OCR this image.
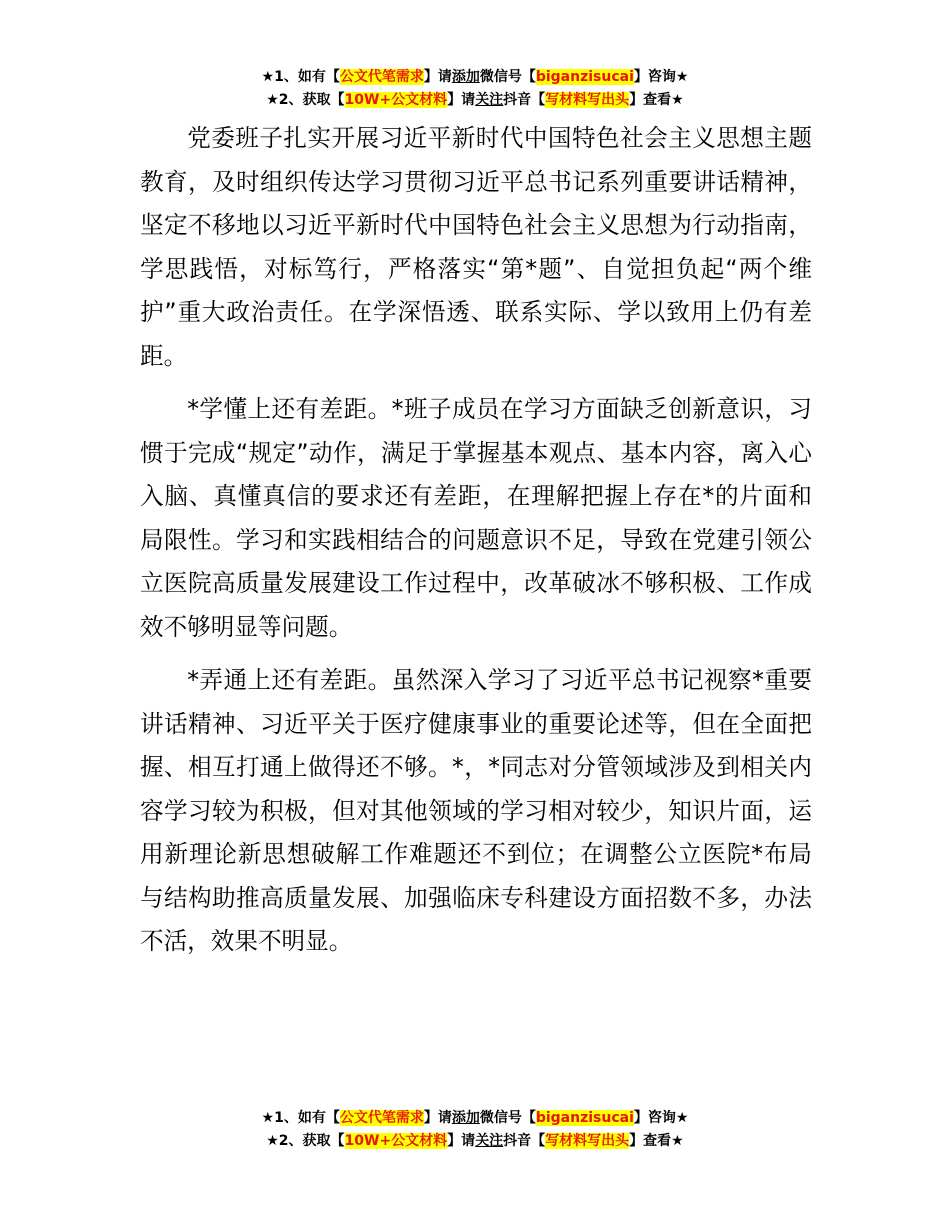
★1、如有【公文代笔需求】请添加微信号【biganzisucai】咨询★
★2、获取【10W+公文材料】请关注抖音【写材料写出头】查看★

党委班子扎实开展习近平新时代中国特色社会主义思想主题教育，及时组织传达学习贯彻习近平总书记系列重要讲话精神，坚定不移地以习近平新时代中国特色社会主义思想为行动指南，学思践悟，对标笃行，严格落实“第*题”、自觉担负起“两个维护”重大政治责任。在学深悟透、联系实际、学以致用上仍有差距。

*学懂上还有差距。*班子成员在学习方面缺乏创新意识，习惯于完成“规定”动作，满足于掌握基本观点、基本内容，离入心入脑、真懂真信的要求还有差距，在理解把握上存在*的片面和局限性。学习和实践相结合的问题意识不足，导致在党建引领公立医院高质量发展建设工作过程中，改革破冰不够积极、工作成效不够明显等问题。

*弄通上还有差距。虽然深入学习了习近平总书记视察*重要讲话精神、习近平关于医疗健康事业的重要论述等，但在全面把握、相互打通上做得还不够。*，*同志对分管领域涉及到相关内容学习较为积极，但对其他领域的学习相对较少，知识片面，运用新理论新思想破解工作难题还不到位；在调整公立医院*布局与结构助推高质量发展、加强临床专科建设方面招数不多，办法不活，效果不明显。

★1、如有【公文代笔需求】请添加微信号【biganzisucai】咨询★
★2、获取【10W+公文材料】请关注抖音【写材料写出头】查看★
